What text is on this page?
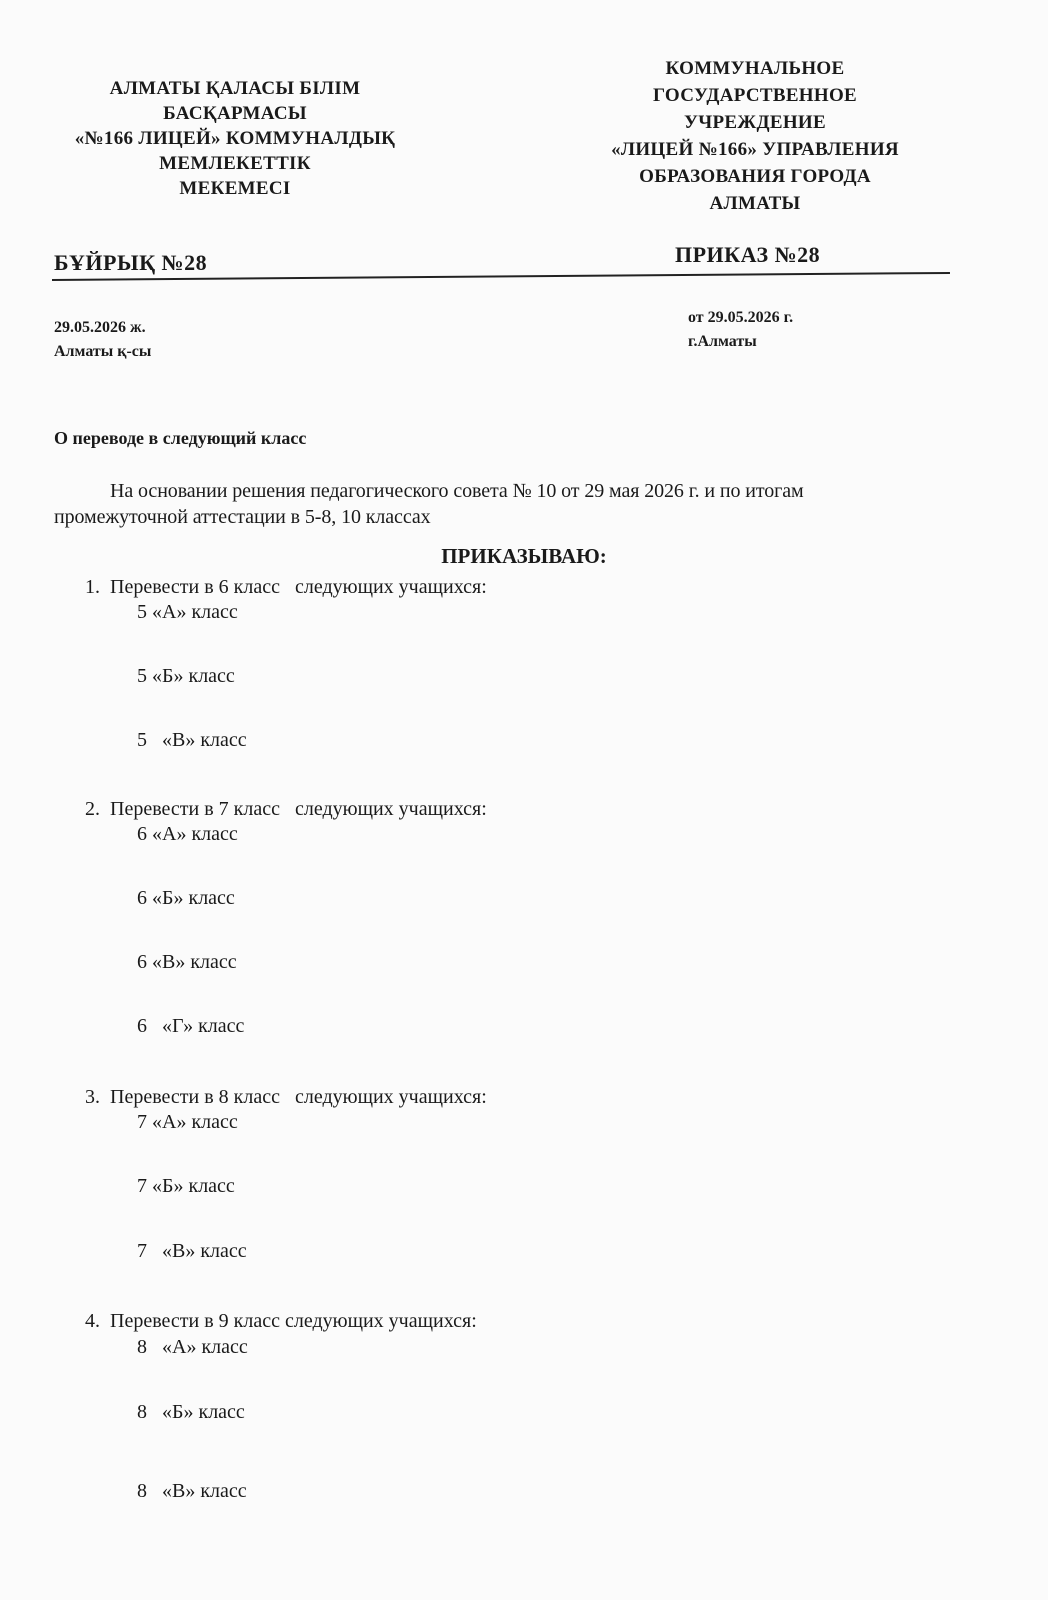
АЛМАТЫ ҚАЛАСЫ БІЛІМ
БАСҚАРМАСЫ
«№166 ЛИЦЕЙ» КОММУНАЛДЫҚ
МЕМЛЕКЕТТІК
МЕКЕМЕСІ
КОММУНАЛЬНОЕ
ГОСУДАРСТВЕННОЕ
УЧРЕЖДЕНИЕ
«ЛИЦЕЙ №166» УПРАВЛЕНИЯ
ОБРАЗОВАНИЯ ГОРОДА
АЛМАТЫ
БҰЙРЫҚ №28	ПРИКАЗ №28
29.05.2026 ж.
Алматы қ-сы
от 29.05.2026 г.
г.Алматы
О переводе в следующий класс
На основании решения педагогического совета № 10 от 29 мая 2026 г. и по итогам
промежуточной аттестации в 5-8, 10 классах
ПРИКАЗЫВАЮ:
1.  Перевести в 6 класс   следующих учащихся:
5 «А» класс
5 «Б» класс
5   «В» класс
2.  Перевести в 7 класс   следующих учащихся:
6 «А» класс
6 «Б» класс
6 «В» класс
6   «Г» класс
3.  Перевести в 8 класс   следующих учащихся:
7 «А» класс
7 «Б» класс
7   «В» класс
4.  Перевести в 9 класс следующих учащихся:
8   «А» класс
8   «Б» класс
8   «В» класс
